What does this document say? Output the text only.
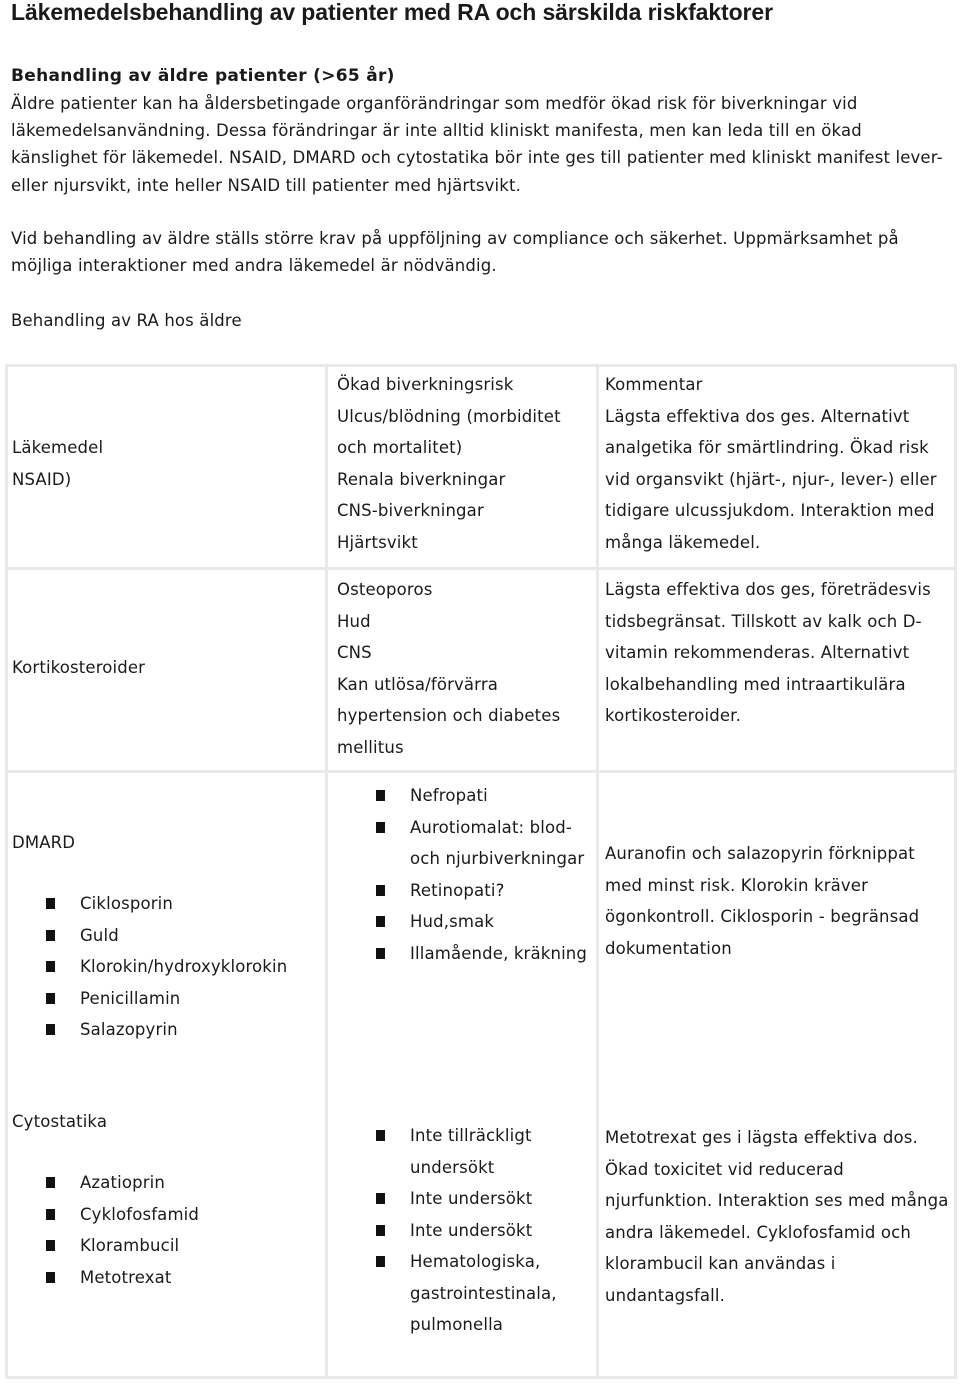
Läkemedelsbehandling av patienter med RA och särskilda riskfaktorer
Behandling av äldre patienter (>65 år)

Äldre patienter kan ha åldersbetingade organförändringar som medför ökad risk för biverkningar vid läkemedelsanvändning. Dessa förändringar är inte alltid kliniskt manifesta, men kan leda till en ökad känslighet för läkemedel. NSAID, DMARD och cytostatika bör inte ges till patienter med kliniskt manifest lever- eller njursvikt, inte heller NSAID till patienter med hjärtsvikt.

Vid behandling av äldre ställs större krav på uppföljning av compliance och säkerhet. Uppmärksamhet på möjliga interaktioner med andra läkemedel är nödvändig.

Behandling av RA hos äldre

Läkemedel

NSAID)

Ökad biverkningsrisk

Ulcus/blödning (morbiditet och mortalitet)

Renala biverkningar

CNS-biverkningar

Hjärtsvikt

Kommentar

Lägsta effektiva dos ges. Alternativt analgetika för smärtlindring. Ökad risk vid organsvikt (hjärt-, njur-, lever-) eller tidigare ulcussjukdom. Interaktion med många läkemedel.

Kortikosteroider

Osteoporos

Hud

CNS

Kan utlösa/förvärra hypertension och diabetes mellitus

Lägsta effektiva dos ges, företrädesvis tidsbegränsat. Tillskott av kalk och D-vitamin rekommenderas. Alternativt lokalbehandling med intraartikulära kortikosteroider.

DMARD

Ciklosporin
Guld
Klorokin/hydroxyklorokin
Penicillamin
Salazopyrin
Nefropati
Aurotiomalat: blod- och njurbiverkningar
Retinopati?
Hud,smak
Illamående, kräkning

Auranofin och salazopyrin förknippat med minst risk. Klorokin kräver ögonkontroll. Ciklosporin - begränsad dokumentation

Cytostatika

Azatioprin
Cyklofosfamid
Klorambucil
Metotrexat
Inte tillräckligt undersökt
Inte undersökt
Inte undersökt
Hematologiska, gastrointestinala, pulmonella

Metotrexat ges i lägsta effektiva dos. Ökad toxicitet vid reducerad njurfunktion. Interaktion ses med många andra läkemedel. Cyklofosfamid och klorambucil kan användas i undantagsfall.
